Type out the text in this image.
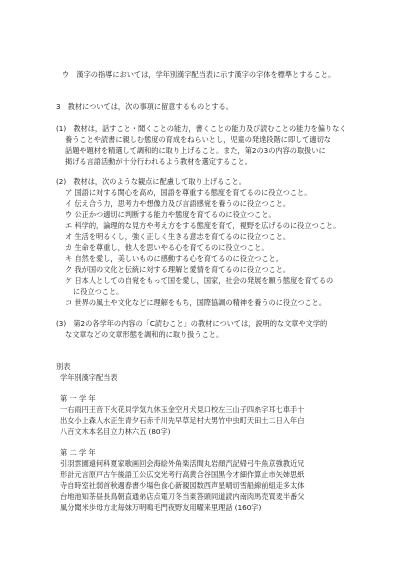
ウ　漢字の指導においては，学年別漢字配当表に示す漢字の字体を標準とすること。
3　教材については，次の事項に留意するものとする。
(1)　教材は，話すこと・聞くことの能力，書くことの能力及び読むことの能力を偏りなく
養うことや読書に親しむ態度の育成をねらいとし，児童の発達段階に即して適切な
話題や題材を精選して調和的に取り上げること。また，第2の3の内容の取扱いに
掲げる言語活動が十分行われるよう教材を選定すること。
(2)　教材は，次のような観点に配慮して取り上げること。
ア 国語に対する関心を高め，国語を尊重する態度を育てるのに役立つこと。
イ 伝え合う力，思考力や想像力及び言語感覚を養うのに役立つこと。
ウ 公正かつ適切に判断する能力や態度を育てるのに役立つこと。
エ 科学的，論理的な見方や考え方をする態度を育て，視野を広げるのに役立つこと。
オ 生活を明るくし，強く正しく生きる意志を育てるのに役立つこと。
カ 生命を尊重し，他人を思いやる心を育てるのに役立つこと。
キ 自然を愛し，美しいものに感動する心を育てるのに役立つこと。
ク 我が国の文化と伝統に対する理解と愛情を育てるのに役立つこと。
ケ 日本人としての自覚をもって国を愛し，国家，社会の発展を願う態度を育てるの
に役立つこと。
コ 世界の風土や文化などに理解をもち，国際協調の精神を養うのに役立つこと。
(3)　第2の各学年の内容の「C読むこと」の教材については，説明的な文章や文学的
な文章などの文章形態を調和的に取り扱うこと。
別表
学年別漢字配当表
第 一 学 年
一右雨円王音下火花貝学気九休玉金空月犬見口校左三山子四糸字耳七車手十
出女小上森人水正生青夕石赤千川先早草足村大男竹中虫町天田土二日入年白
八百文木本名目立力林六五 (80字)
第 二 学 年
引羽雲園遠何科夏家歌画回会海絵外角楽活間丸岩顔汽記帰弓牛魚京強教近兄
形計元言原戸古午後語工公広交光考行高黄合谷国黒今才細作算止市矢姉思紙
寺自時室社弱首秋週春書少場色食心新親図数西声星晴切雪船線前組走多太体
台地池知茶昼長鳥朝直通弟店点電刀冬当東答頭同道読内南肉馬売買麦半番父
風分聞米歩母方北毎妹万明鳴毛門夜野友用曜来里理話 (160字)
